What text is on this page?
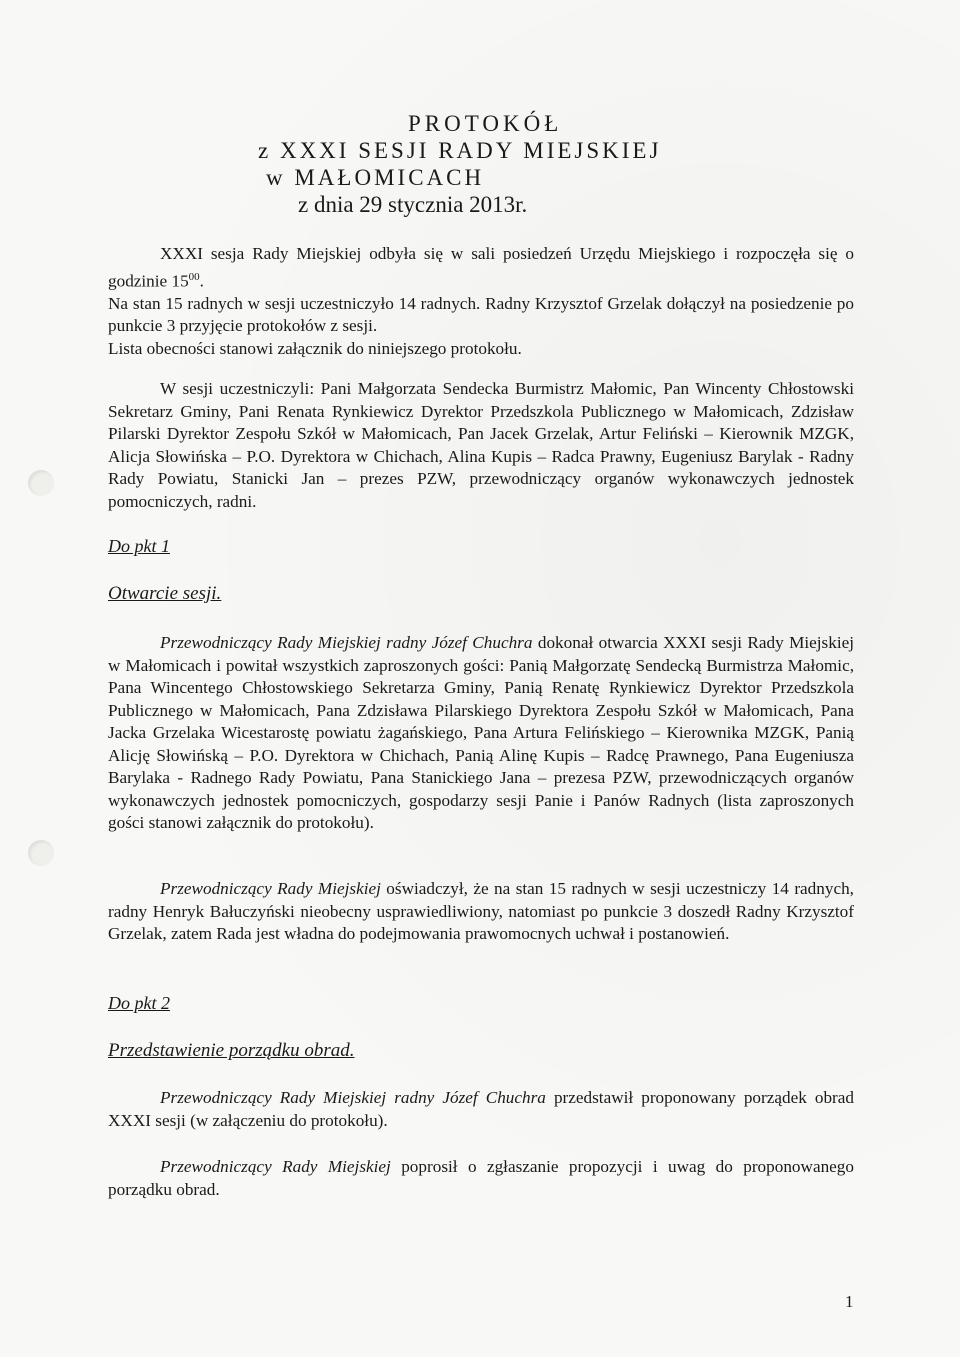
PROTOKÓŁ
z XXXI SESJI RADY MIEJSKIEJ
w MAŁOMICACH
z dnia 29 stycznia 2013r.

XXXI sesja Rady Miejskiej odbyła się w sali posiedzeń Urzędu Miejskiego i rozpoczęła się o godzinie $15^{00}$.

Na stan 15 radnych w sesji uczestniczyło 14 radnych. Radny Krzysztof Grzelak dołączył na posiedzenie po punkcie 3 przyjęcie protokołów z sesji.

Lista obecności stanowi załącznik do niniejszego protokołu.

W sesji uczestniczyli: Pani Małgorzata Sendecka Burmistrz Małomic, Pan Wincenty Chłostowski Sekretarz Gminy, Pani Renata Rynkiewicz Dyrektor Przedszkola Publicznego w Małomicach, Zdzisław Pilarski Dyrektor Zespołu Szkół w Małomicach, Pan Jacek Grzelak, Artur Feliński – Kierownik MZGK, Alicja Słowińska – P.O. Dyrektora w Chichach, Alina Kupis – Radca Prawny, Eugeniusz Barylak - Radny Rady Powiatu, Stanicki Jan – prezes PZW, przewodniczący organów wykonawczych jednostek pomocniczych, radni.

Do pkt 1
Otwarcie sesji.

Przewodniczący Rady Miejskiej radny Józef Chuchra dokonał otwarcia XXXI sesji Rady Miejskiej w Małomicach i powitał wszystkich zaproszonych gości: Panią Małgorzatę Sendecką Burmistrza Małomic, Pana Wincentego Chłostowskiego Sekretarza Gminy, Panią Renatę Rynkiewicz Dyrektor Przedszkola Publicznego w Małomicach, Pana Zdzisława Pilarskiego Dyrektora Zespołu Szkół w Małomicach, Pana Jacka Grzelaka Wicestarostę powiatu żagańskiego, Pana Artura Felińskiego – Kierownika MZGK, Panią Alicję Słowińską – P.O. Dyrektora w Chichach, Panią Alinę Kupis – Radcę Prawnego, Pana Eugeniusza Barylaka - Radnego Rady Powiatu, Pana Stanickiego Jana – prezesa PZW, przewodniczących organów wykonawczych jednostek pomocniczych, gospodarzy sesji Panie i Panów Radnych (lista zaproszonych gości stanowi załącznik do protokołu).

Przewodniczący Rady Miejskiej oświadczył, że na stan 15 radnych w sesji uczestniczy 14 radnych, radny Henryk Bałuczyński nieobecny usprawiedliwiony, natomiast po punkcie 3 doszedł Radny Krzysztof Grzelak, zatem Rada jest władna do podejmowania prawomocnych uchwał i postanowień.

Do pkt 2
Przedstawienie porządku obrad.

Przewodniczący Rady Miejskiej radny Józef Chuchra przedstawił proponowany porządek obrad XXXI sesji (w załączeniu do protokołu).

Przewodniczący Rady Miejskiej poprosił o zgłaszanie propozycji i uwag do proponowanego porządku obrad.

1
